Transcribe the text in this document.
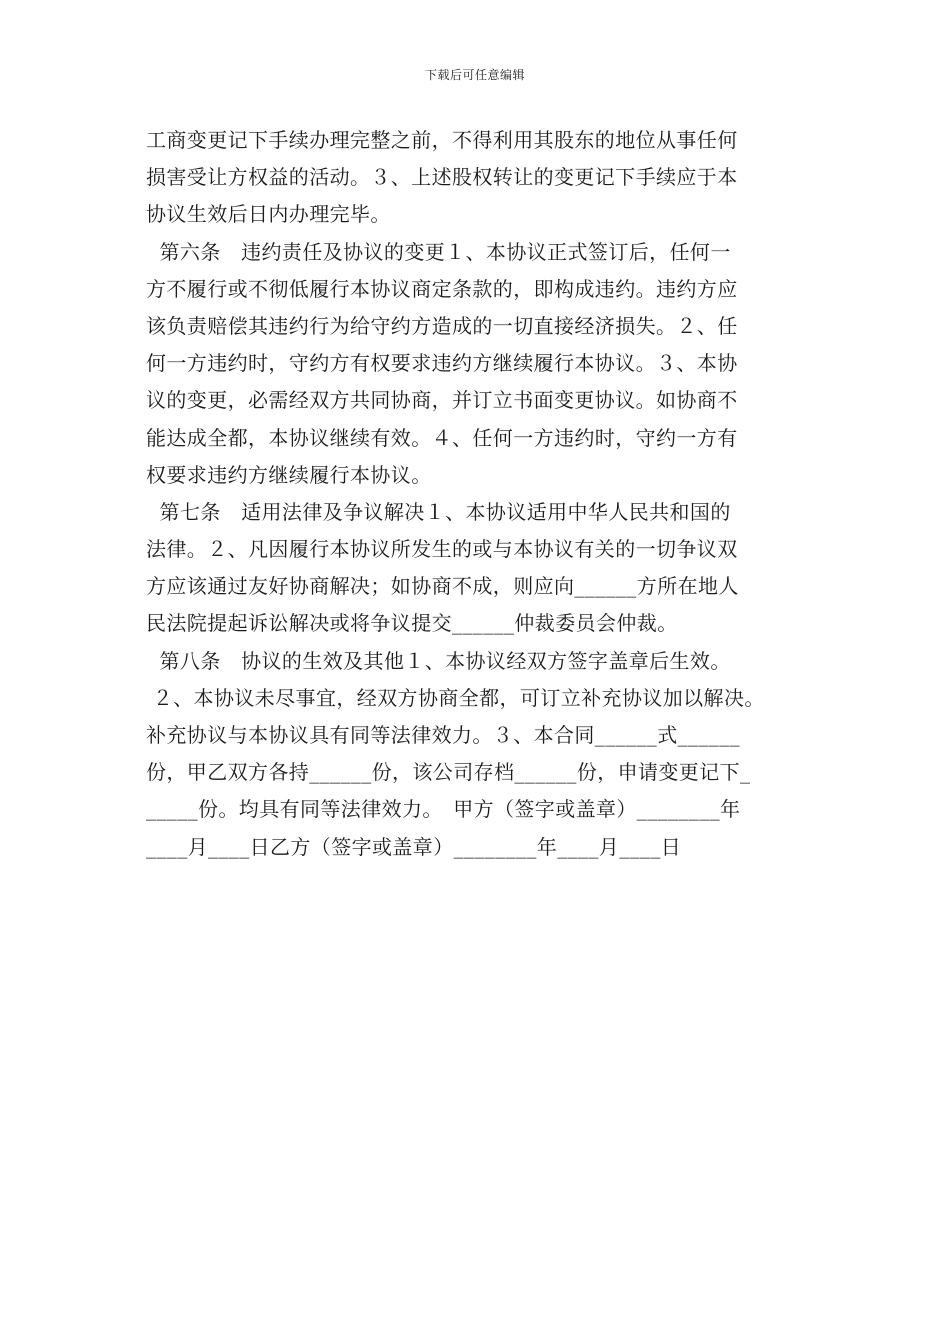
下载后可任意编辑
工商变更记下手续办理完整之前，不得利用其股东的地位从事任何
损害受让方权益的活动。３、上述股权转让的变更记下手续应于本
协议生效后日内办理完毕。
第六条　违约责任及协议的变更１、本协议正式签订后，任何一
方不履行或不彻低履行本协议商定条款的，即构成违约。违约方应
该负责赔偿其违约行为给守约方造成的一切直接经济损失。２、任
何一方违约时，守约方有权要求违约方继续履行本协议。３、本协
议的变更，必需经双方共同协商，并订立书面变更协议。如协商不
能达成全都，本协议继续有效。４、任何一方违约时，守约一方有
权要求违约方继续履行本协议。
第七条　适用法律及争议解决１、本协议适用中华人民共和国的
法律。２、凡因履行本协议所发生的或与本协议有关的一切争议双
方应该通过友好协商解决；如协商不成，则应向______方所在地人
民法院提起诉讼解决或将争议提交______仲裁委员会仲裁。
第八条　协议的生效及其他１、本协议经双方签字盖章后生效。
２、本协议未尽事宜，经双方协商全都，可订立补充协议加以解决。
补充协议与本协议具有同等法律效力。３、本合同______式______
份，甲乙双方各持______份，该公司存档______份，申请变更记下_
_____份。均具有同等法律效力。　甲方（签字或盖章）________年
____月____日乙方（签字或盖章）________年____月____日
